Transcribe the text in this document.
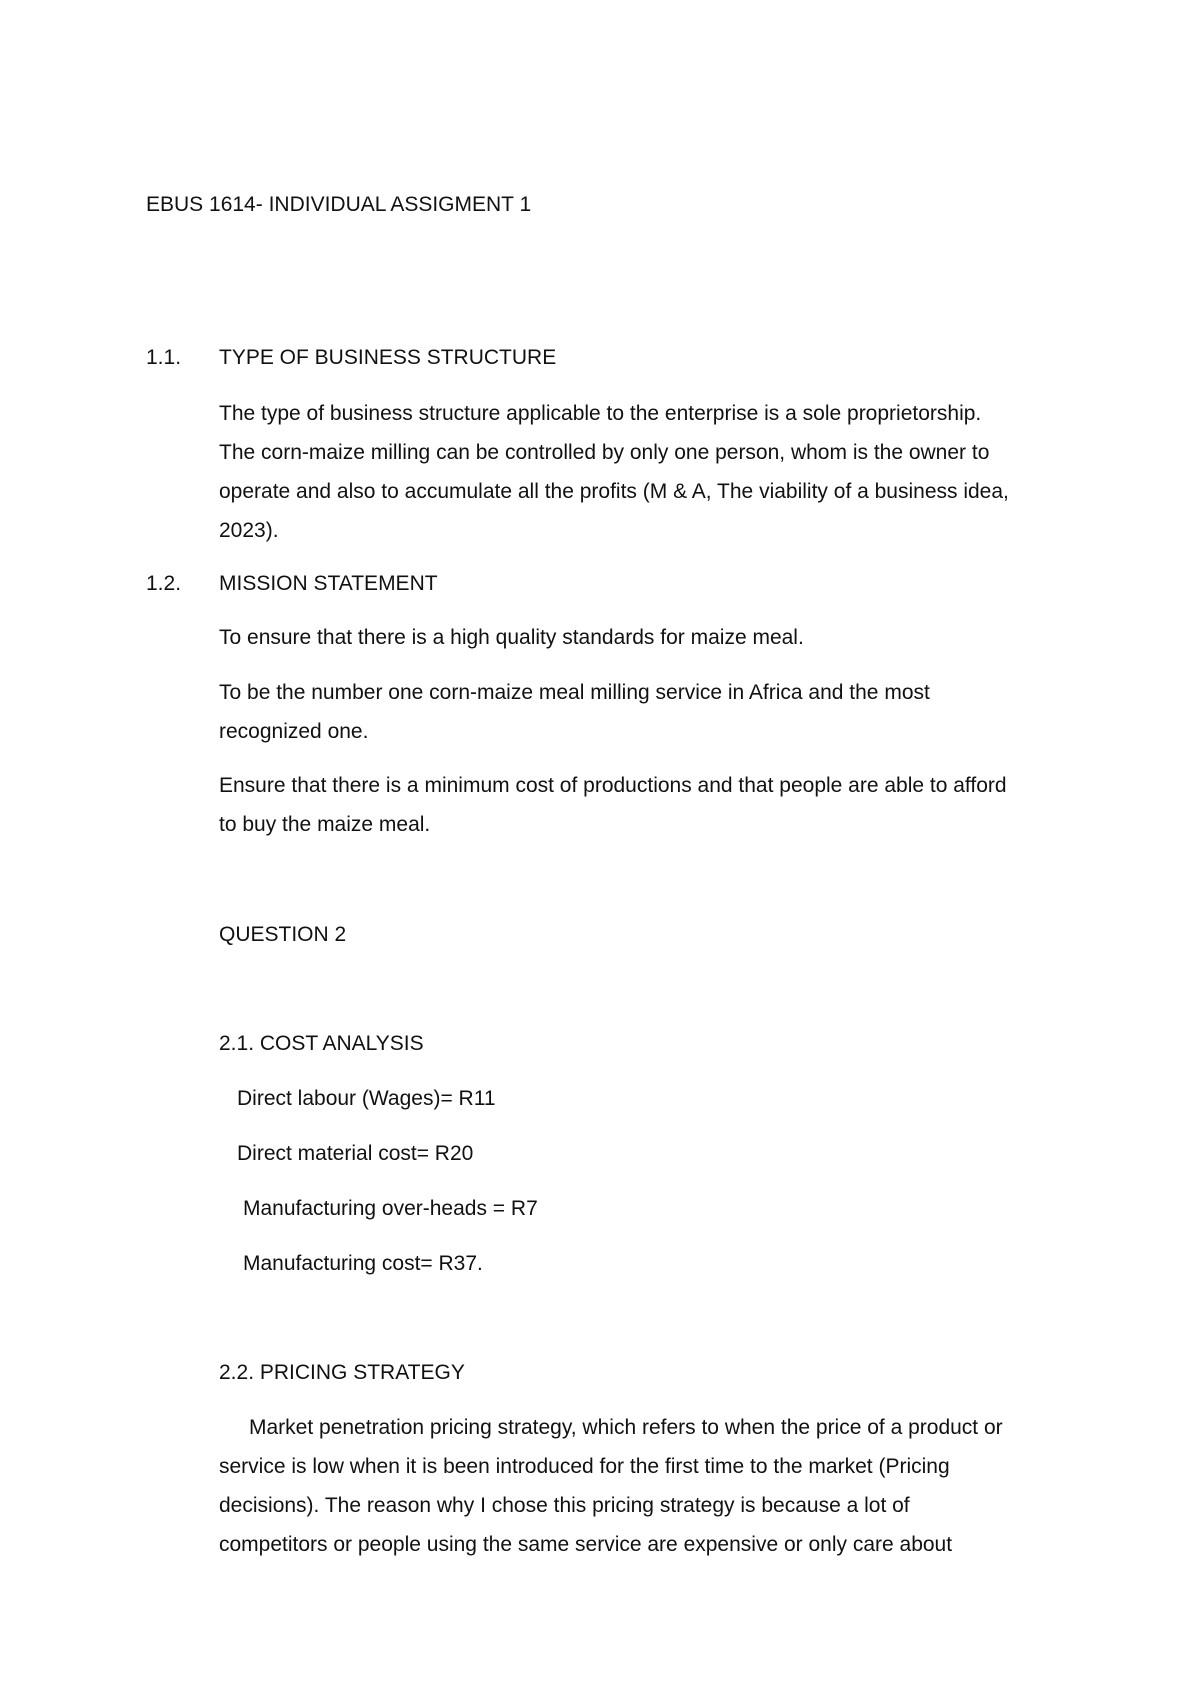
EBUS 1614- INDIVIDUAL ASSIGMENT 1
1.1. TYPE OF BUSINESS STRUCTURE
The type of business structure applicable to the enterprise is a sole proprietorship.
The corn-maize milling can be controlled by only one person, whom is the owner to
operate and also to accumulate all the profits (M & A, The viability of a business idea,
2023).
1.2. MISSION STATEMENT
To ensure that there is a high quality standards for maize meal.
To be the number one corn-maize meal milling service in Africa and the most
recognized one.
Ensure that there is a minimum cost of productions and that people are able to afford
to buy the maize meal.
QUESTION 2
2.1. COST ANALYSIS
Direct labour (Wages)= R11
Direct material cost= R20
Manufacturing over-heads = R7
Manufacturing cost= R37.
2.2. PRICING STRATEGY
Market penetration pricing strategy, which refers to when the price of a product or
service is low when it is been introduced for the first time to the market (Pricing
decisions). The reason why I chose this pricing strategy is because a lot of
competitors or people using the same service are expensive or only care about
